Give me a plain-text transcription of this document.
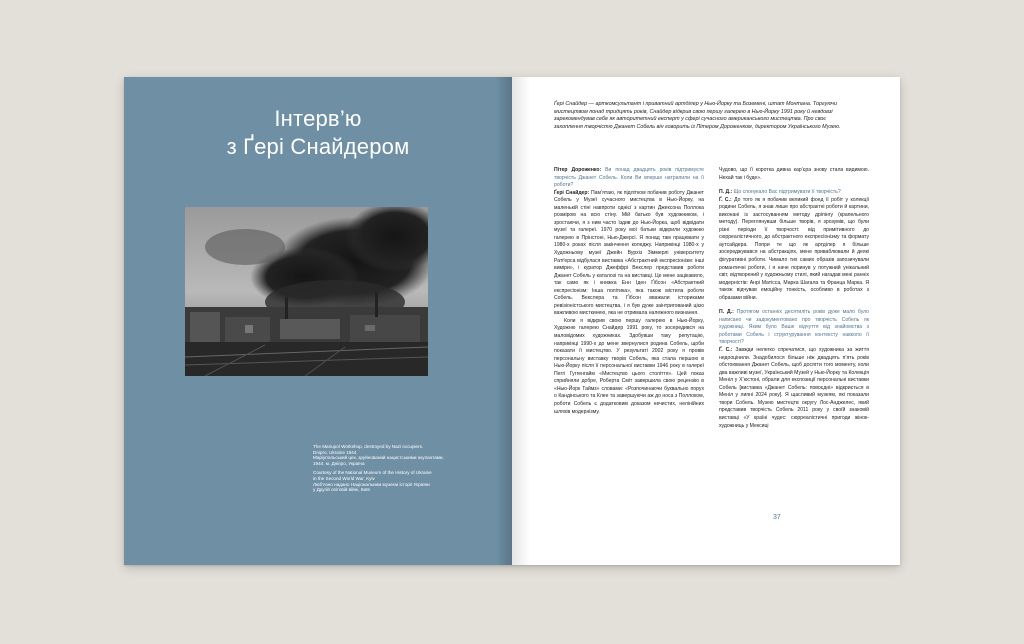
Інтерв’ю
з Ґері Снайдером
The Mariupol Workshop, destroyed by Nazi occupiers.
Dnipro, Ukraine 1944
Маріупольський цех, зруйнований нацистськими окупантами.
1944. м. Дніпро, Україна
Courtesy of the National Museum of the History of Ukraine
in the Second World War, Kyiv
Люб’язно надано Національним музеєм історії України
у Другій світовій війні, Київ
Ґері Снайдер — арткомсультант і приватний артділер у Нью-Йорку та Боземені, штат Монтана. Торгуючи мистецтвом понад тридцять років, Снайдер відкрив свою першу галерею в Нью-Йорку 1991 року й невдовзі зарекомендував себе як авторитетний експерт у сфері сучасного американського мистецтва. Про своє захоплення творчістю Джанет Собель він говорить із Пітером Дороженком, директором Українського Музею.

Пітер Дороженко: Ви понад двадцять років підтримуєте творчість Джанет Собель. Коли Ви вперше натрапили на її роботи?

Ґері Снайдер: Пам’ятаю, як підлітком побачив роботу Джанет Собель у Музеї сучасного мистецтва в Нью-Йорку, на маленькій стіні навпроти однієї з картин Джексона Поллока розміром на всю стіну. Мій батько був художником, і зростаючи, я з ним часто їздив до Нью-Йорка, щоб відвідати музеї та галереї. 1970 року мої батьки відкрили художню галерею в Прінстоні, Нью-Джерсі. Я понад там працювати у 1980-х роках після закінчення коледжу. Наприкінці 1980-х у Художньому музеї Джейн Вурхіз Зіммерлі університету Ратґерса відбулася виставка «Абстрактний експресіонізм: інші виміри», і куратор Джеффрі Векслер представив роботи Джанет Собель у каталозі та на виставці. Це мене зацікавило, так само як і книжка Енн Іден Ґібсон «Абстрактний експресіонізм: Інша політика», яка також містила роботи Собель. Векслера та Ґібсон вважали істориками ревізіоністського мистецтва, і я був дуже заінтригований цією важливою мисткинею, яка не отримала належного визнання.

Коли я відкрив свою першу галерею в Нью-Йорку, Художню галерею Снайдер 1991 року, то зосередився на маловідомих художниках. Здобувши таку репутацію, наприкінці 1990-х до мене звернулися родина Собель, щоби показати її мистецтво. У результаті 2002 року я провів персональну виставку творів Собель, яка стала першою в Нью-Йорку після її персональної виставки 1946 року в галереї Пеггі Гуггенгайм «Мистецтво цього століття». Цей показ сприйняли добре, Роберта Сміт завершила свою рецензію в «Нью-Йорк Таймз» словами: «Розпочинаючи буквально порух о Кандінського та Клее та завершуючи аж до носа з Поллоком, роботи Собель є додатковим доказом нечистих, нелінійних шляхів модернізму.

Чудово, що її коротка дивна кар’єра знову стала видимою. Нехай так і буде».

П. Д.: Що спонукало Вас підтримувати її творчість?

Ґ. С.: До того як я побачив великий фонд її робіт у колекції родини Собель, я знав лише про абстрактні роботи й картини, виконані із застосуванням методу дріпінгу (крапельного методу). Переглянувши більше творів, я зрозумів, що були різні періоди її творчості: від примітивного до сюрреалістичного, до абстрактного експресіонізму та формату аутсайдера. Попри те що як артділер я більше зосереджувався на абстракціях, мене приваблювали й деякі фігуративні роботи. Чимало тих самих образів запозичували романтичні роботи, і я наче поринув у потужний унікальний світ, відтворений у художньому стилі, який нагадав мені ранніх модерністів: Анрі Матісса, Марка Шагала та Франца Марка. Я також відчував емоційну тонкість, особливо в роботах з образами війни.

П. Д.: Протягом останніх десятиліть років дуже мало було написано чи задокументовано про творчість Собель як художниці. Яким було Ваше відчуття від знайомства з роботами Собель і структурування контексту навколо її творчості?

Ґ. С.: Завжди нелегко спречатися, що художника за життя недооцінили. Знадобилося більше ніж двадцять п’ять років обстоювання Джанет Собель, щоб досягти того моменту, коли два важливі музеї, Український Музей у Нью-Йорку та Колекція Меніл у Х’юстоні, обрали для експозиції персональні виставки Собель [виставка «Джанет Собель: повоєдні» відкриється в Меніл у липні 2024 року]. Я щасливий музеям, які показали твори Собель. Музею мистецтв округу Лос-Анджелес, який представив творчість Собель 2011 року у своїй знаковій виставці «У країні чудес: сюрреалістичні пригоди жінок-художниць у Мексиці

37
